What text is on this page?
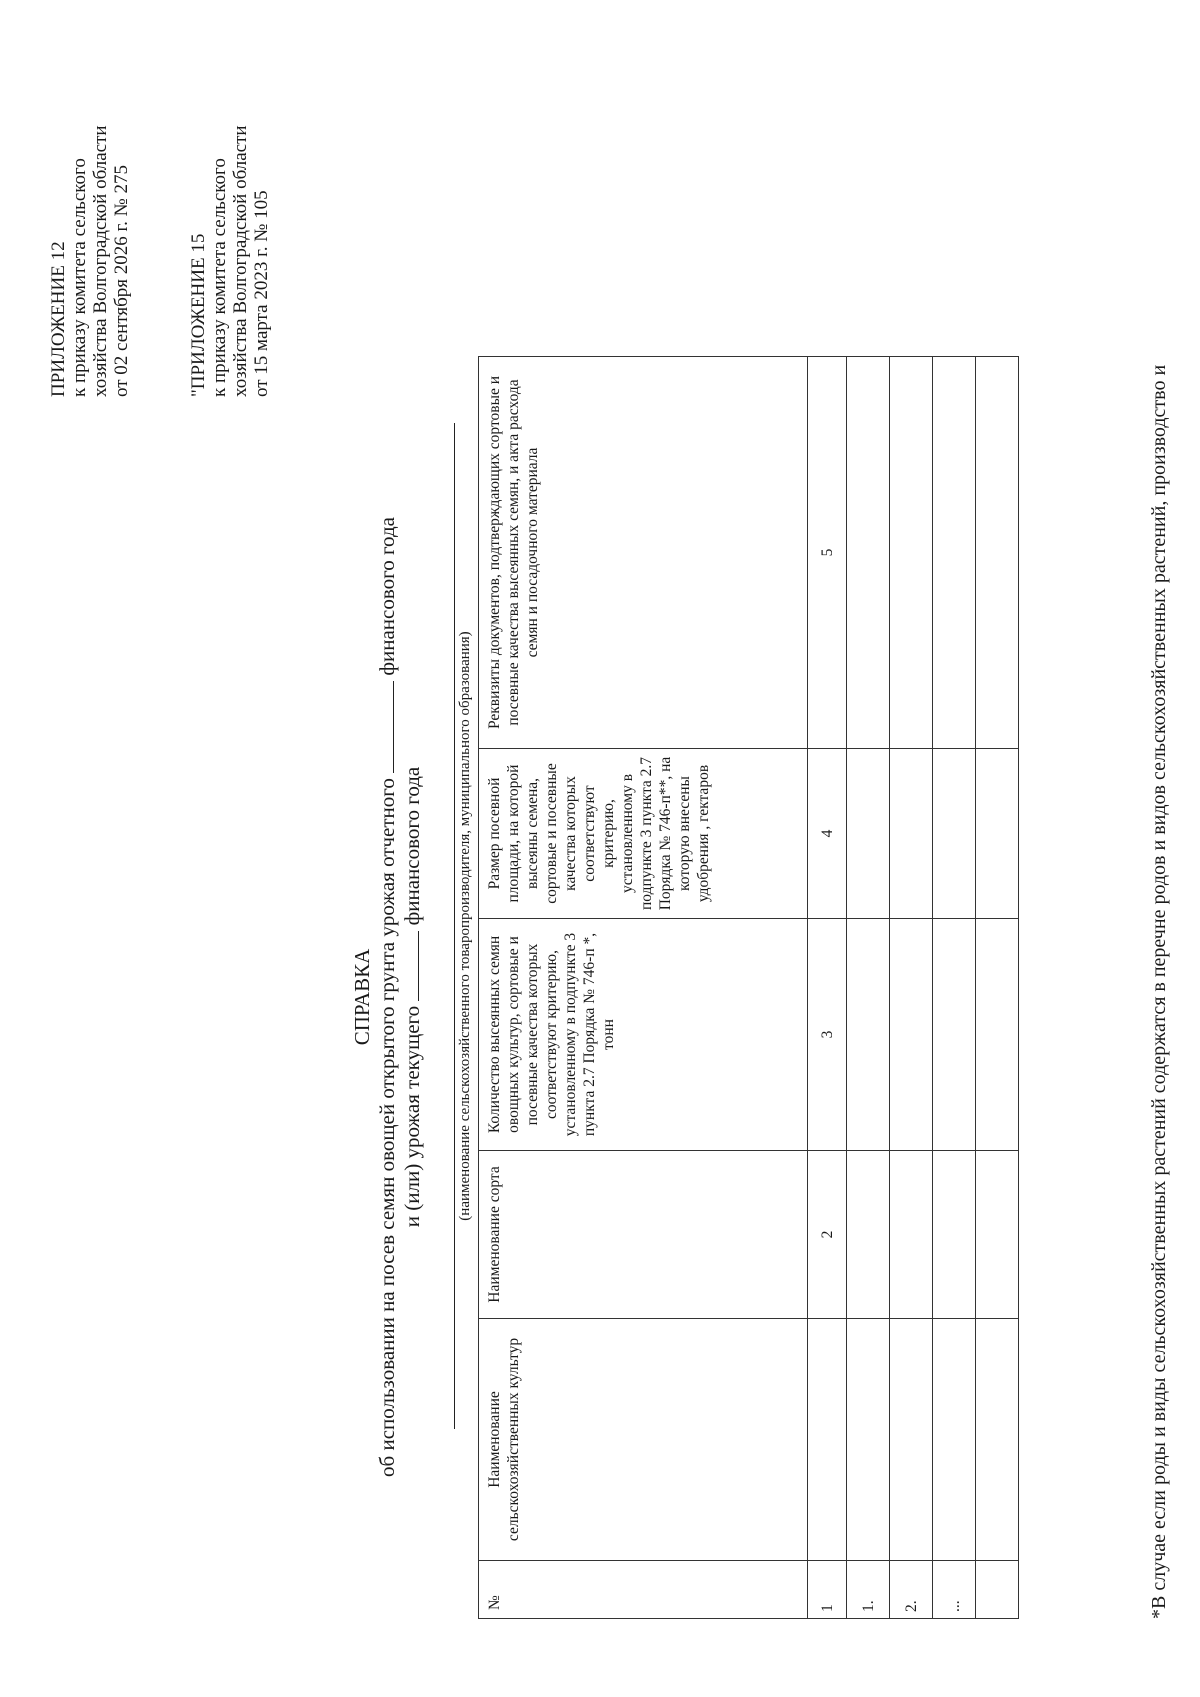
ПРИЛОЖЕНИЕ 12 к приказу комитета сельского хозяйства Волгоградской области от 02 сентября 2026 г. № 275	"ПРИЛОЖЕНИЕ 15 к приказу комитета сельского хозяйства Волгоградской области от 15 марта 2023 г. № 105
СПРАВКА об использовании на посев семян овощей открытого грунта урожая отчетного  финансового года
и (или) урожая текущего  финансового года (наименование сельскохозяйственного товаропроизводителя, муниципального образования)
№	Наименование сельскохозяйственных культур	Наименование сорта	Количество высеянных семян овощных культур, сортовые и посевные качества которых соответствуют критерию, установленному в подпункте 3 пункта 2.7 Порядка № 746-п *, тонн	Размер посевной площади, на которой высеяны семена, сортовые и посевные качества которых соответствуют критерию, установленному в подпункте 3 пункта 2.7 Порядка № 746-п**, на которую внесены удобрения , гектаров	Реквизиты документов, подтверждающих сортовые и посевные качества высеянных семян, и акта расхода семян и посадочного материала
1		2	3	4	5
1.					
2.					
...					
						*В случае если роды и виды сельскохозяйственных растений содержатся в перечне родов и видов сельскохозяйственных растений, производство и
